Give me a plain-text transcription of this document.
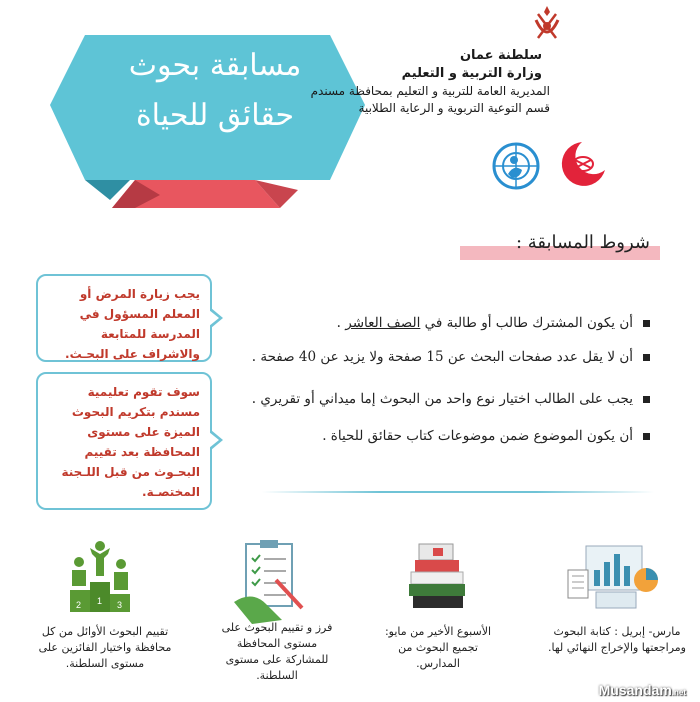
مسابقة بحوث
حقائق للحياة
سلطنة عمان
وزارة التربية و التعليم
المديرية العامة للتربية و التعليم بمحافظة مسندم
قسم التوعية التربوية و الرعاية الطلابية
شروط المسابقة :
أن يكون المشترك طالب أو طالبة في الصف العاشر .
أن لا يقل عدد صفحات البحث عن 15 صفحة ولا يزيد عن 40 صفحة .
يجب على الطالب اختيار نوع واحد من البحوث إما ميداني أو تقريري .
أن يكون الموضوع ضمن موضوعات كتاب حقائق للحياة .
يجب زيارة المرض أو المعلم المسؤول في المدرسة للمتابعة والاشراف على البحـث.
سوف تقوم تعليمية مسندم بتكريم البحوث الميزة على مستوى المحافظة بعد تقييم البحـوث من قبل اللـجنة المختصـة.
2 1 3
مارس- إبريل : كتابة البحوث ومراجعتها والإخراج النهائي لها.
الأسبوع الأخير من مايو: تجميع البحوث من المدارس.
فرز و تقييم البحوث على مستوى المحافظة للمشاركة على مستوى السلطنة.
تقييم البحوث الأوائل من كل محافظة واختيار الفائزين على مستوى السلطنة.
Musandam.net
